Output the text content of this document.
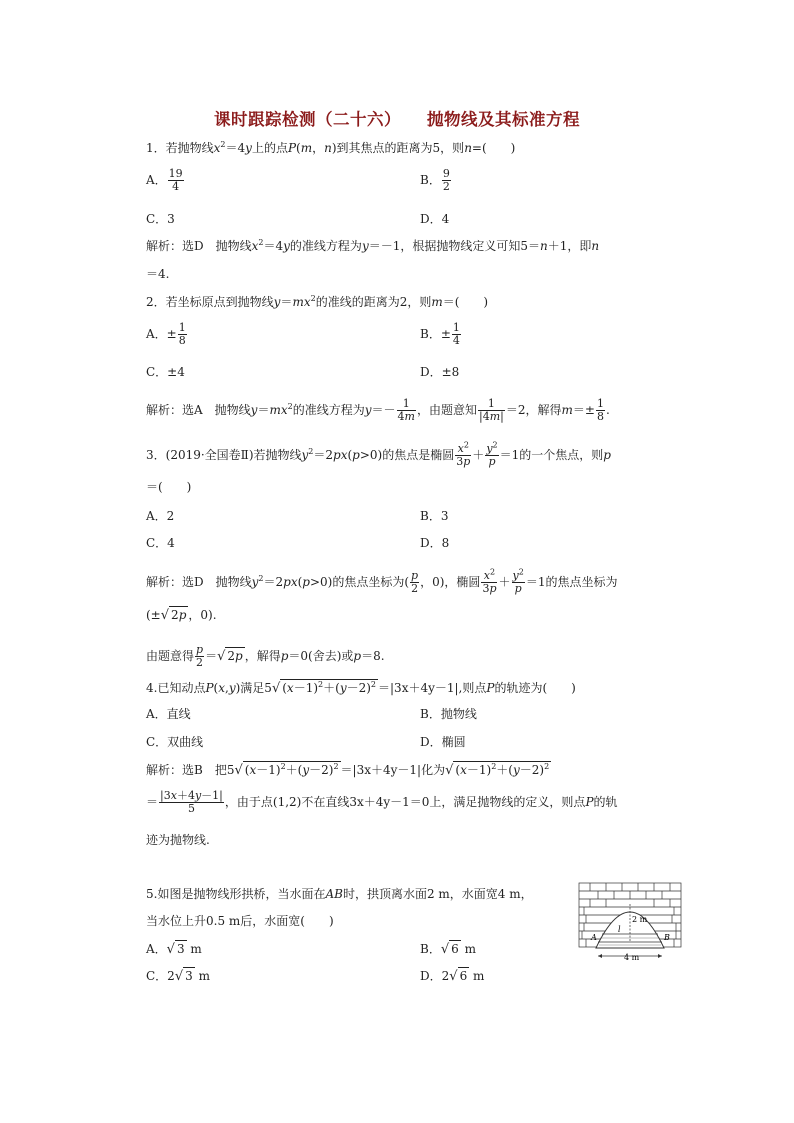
课时跟踪检测（二十六） 抛物线及其标准方程
1．若抛物线$x^2=4y$上的点P(m，n)到其焦点的距离为5，则n=(　　)
A． $\frac{19}{4}$	B． $\frac{9}{2}$
C．3	D．4
解析：选D　抛物线$x^2=4y$的准线方程为y＝－1，根据抛物线定义可知5＝n＋1，即n
＝4.
2．若坐标原点到抛物线$y=mx^2$的准线的距离为2，则m＝(　　)
A．± $\frac{1}{8}$	B．± $\frac{1}{4}$
C．±4	D．±8
解析：选A　抛物线$y=mx^2$的准线方程为$y=- \frac{1}{4m}$ ，由题意知 $\frac{1}{|4m|} =2$，解得$m=\pm \frac{1}{8}$ .
3．(2019·全国卷Ⅱ)若抛物线$y^2=2px(p>0)$的焦点是椭圆 $\frac{x^2}{3p} + \frac{y^2}{p} =1$的一个焦点，则p
＝(　　)
A．2	B．3
C．4	D．8
解析：选D　抛物线$y^2=2px(p>0)$的焦点坐标为( $\frac{p}{2}$ ，0)，椭圆 $\frac{x^2}{3p} + \frac{y^2}{p} =1$的焦点坐标为
(±√ 2p ，0).
由题意得 $\frac{p}{2}$ ＝√ 2p ，解得p＝0(舍去)或p＝8.
4.已知动点P(x,y)满足5√ $(x-1)^2+(y-2)^2 =|3x+4y-1|$,则点P的轨迹为(　　)
A．直线	B．抛物线
C．双曲线	D．椭圆
解析：选B　把5√ $(x-1)^2+(y-2)^2 =|3x+4y-1|$化为√ $(x-1)^2+(y-2)^2$
＝ $\frac{|3x+4y-1|}{5}$ ，由于点(1,2)不在直线3x＋4y－1＝0上，满足抛物线的定义，则点P的轨
迹为抛物线.
5.如图是抛物线形拱桥，当水面在AB时，拱顶离水面2 m，水面宽4 m，
当水位上升0.5 m后，水面宽(　　)
A．√ 3 m	B．√ 6 m
C．2√ 3 m	D．2√ 6 m
2 m
4 m
A	B
l
